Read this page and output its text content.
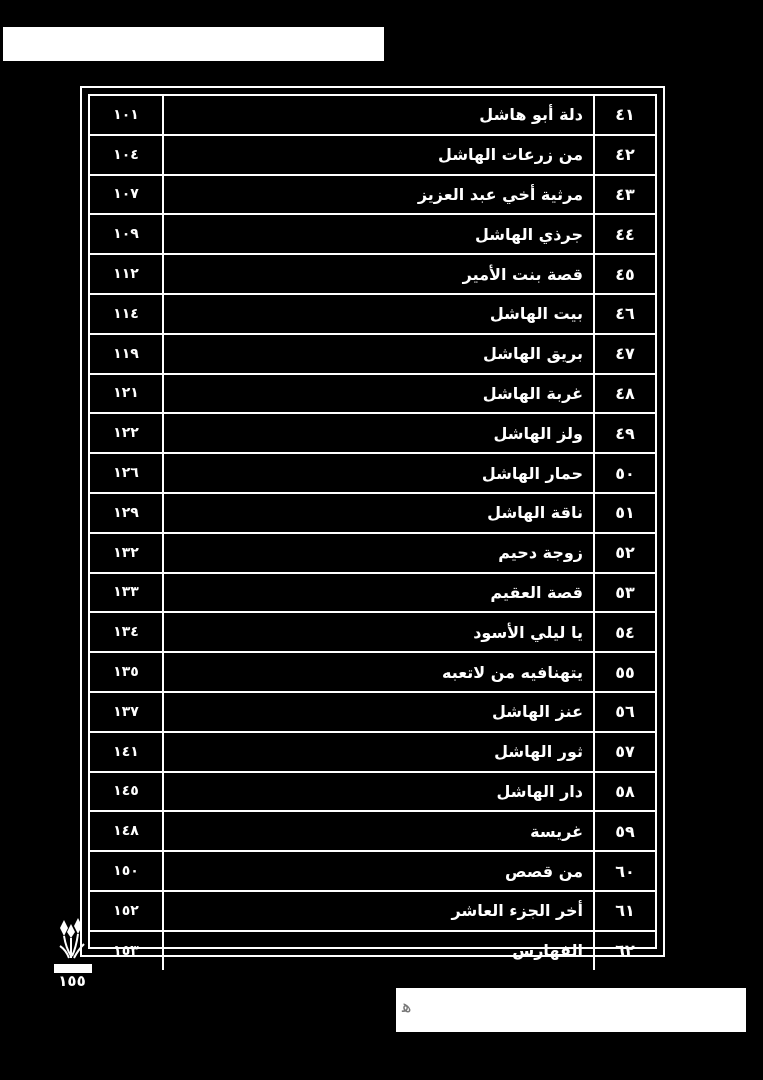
٤١	دلة أبو هاشل	١٠١
٤٢	من زرعات الهاشل	١٠٤
٤٣	مرثية أخي عبد العزيز	١٠٧
٤٤	جرذي الهاشل	١٠٩
٤٥	قصة بنت الأمير	١١٢
٤٦	بيت الهاشل	١١٤
٤٧	بريق الهاشل	١١٩
٤٨	غربة الهاشل	١٢١
٤٩	ولز الهاشل	١٢٢
٥٠	حمار الهاشل	١٢٦
٥١	ناقة الهاشل	١٢٩
٥٢	زوجة دحيم	١٣٢
٥٣	قصة العقيم	١٣٣
٥٤	يا ليلي الأسود	١٣٤
٥٥	يتهنافيه من لاتعبه	١٣٥
٥٦	عنز الهاشل	١٣٧
٥٧	ثور الهاشل	١٤١
٥٨	دار الهاشل	١٤٥
٥٩	غريسة	١٤٨
٦٠	من قصص	١٥٠
٦١	أخر الجزء العاشر	١٥٢
٦٢	الفهارس	١٥٣
١٥٥
ﻫ
